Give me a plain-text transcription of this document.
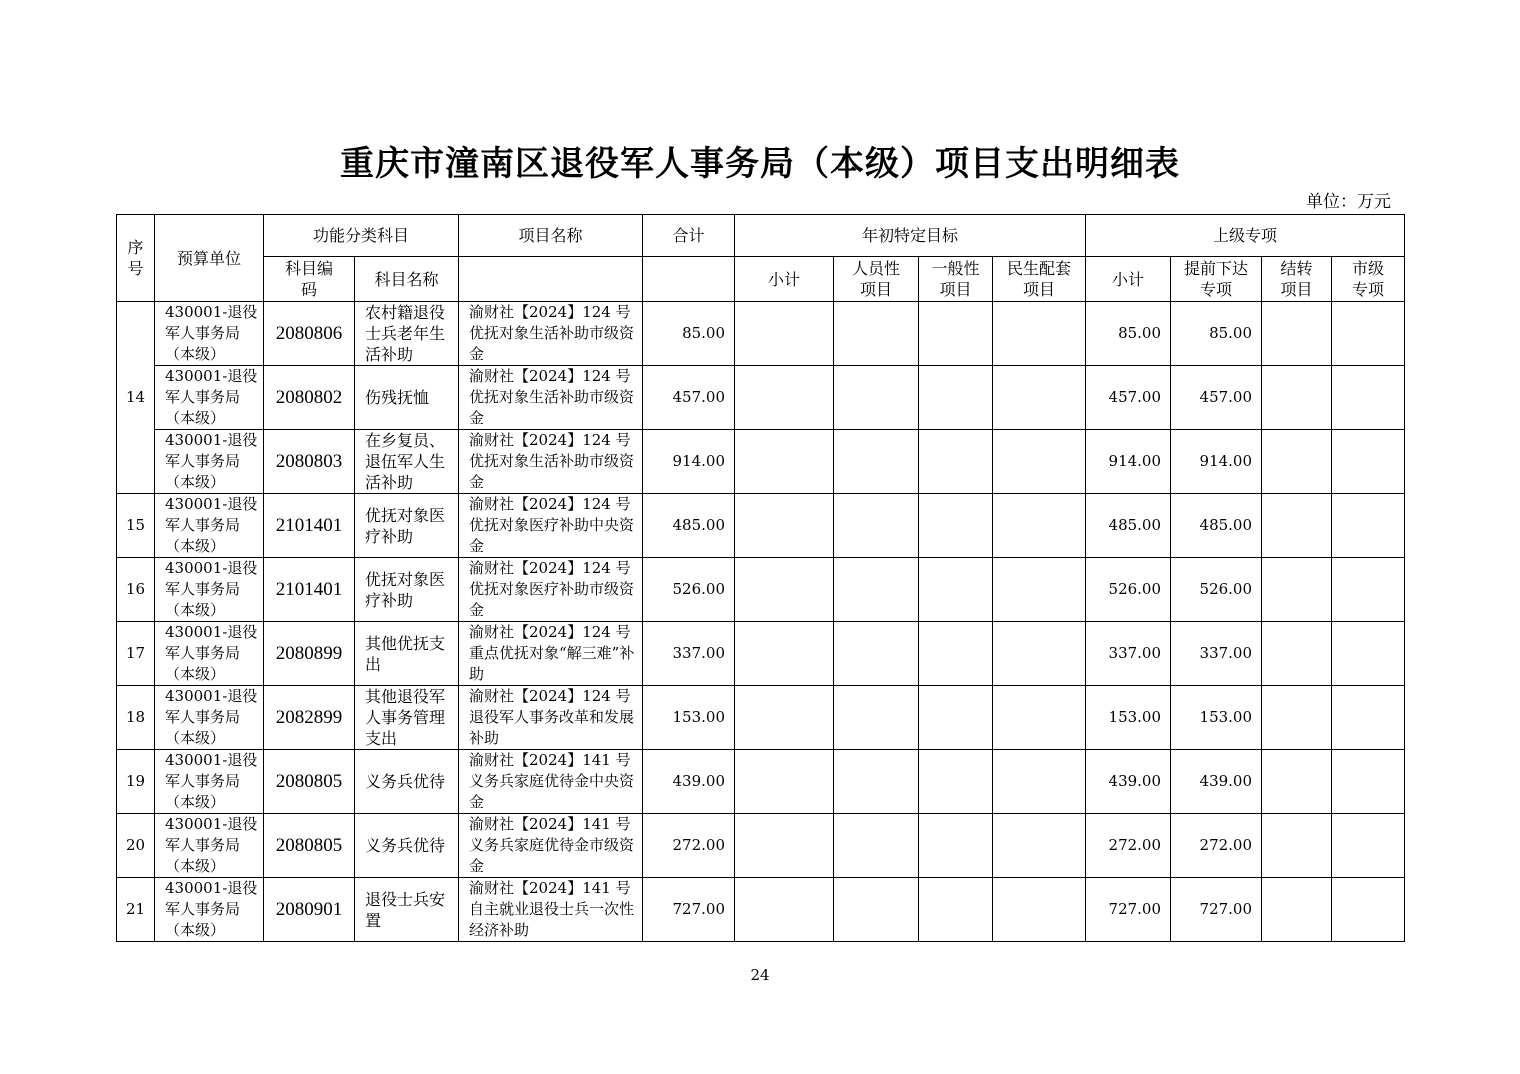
重庆市潼南区退役军人事务局（本级）项目支出明细表
单位：万元
序号	预算单位	功能分类科目		项目名称	合计	年初特定目标				上级专项			
		科目编码	科目名称			小计	人员性项目	一般性项目	民生配套项目	小计	提前下达专项	结转项目	市级专项
14	430001-退役军人事务局（本级）	2080806	农村籍退役士兵老年生活补助	渝财社【2024】124 号优抚对象生活补助市级资金	85.00					85.00	85.00		
	430001-退役军人事务局（本级）	2080802	伤残抚恤	渝财社【2024】124 号优抚对象生活补助市级资金	457.00					457.00	457.00		
	430001-退役军人事务局（本级）	2080803	在乡复员、退伍军人生活补助	渝财社【2024】124 号优抚对象生活补助市级资金	914.00					914.00	914.00		
15	430001-退役军人事务局（本级）	2101401	优抚对象医疗补助	渝财社【2024】124 号优抚对象医疗补助中央资金	485.00					485.00	485.00		
16	430001-退役军人事务局（本级）	2101401	优抚对象医疗补助	渝财社【2024】124 号优抚对象医疗补助市级资金	526.00					526.00	526.00		
17	430001-退役军人事务局（本级）	2080899	其他优抚支出	渝财社【2024】124 号重点优抚对象“解三难”补助	337.00					337.00	337.00		
18	430001-退役军人事务局（本级）	2082899	其他退役军人事务管理支出	渝财社【2024】124 号退役军人事务改革和发展补助	153.00					153.00	153.00		
19	430001-退役军人事务局（本级）	2080805	义务兵优待	渝财社【2024】141 号义务兵家庭优待金中央资金	439.00					439.00	439.00		
20	430001-退役军人事务局（本级）	2080805	义务兵优待	渝财社【2024】141 号义务兵家庭优待金市级资金	272.00					272.00	272.00		
21	430001-退役军人事务局（本级）	2080901	退役士兵安置	渝财社【2024】141 号自主就业退役士兵一次性经济补助	727.00					727.00	727.00		
24
